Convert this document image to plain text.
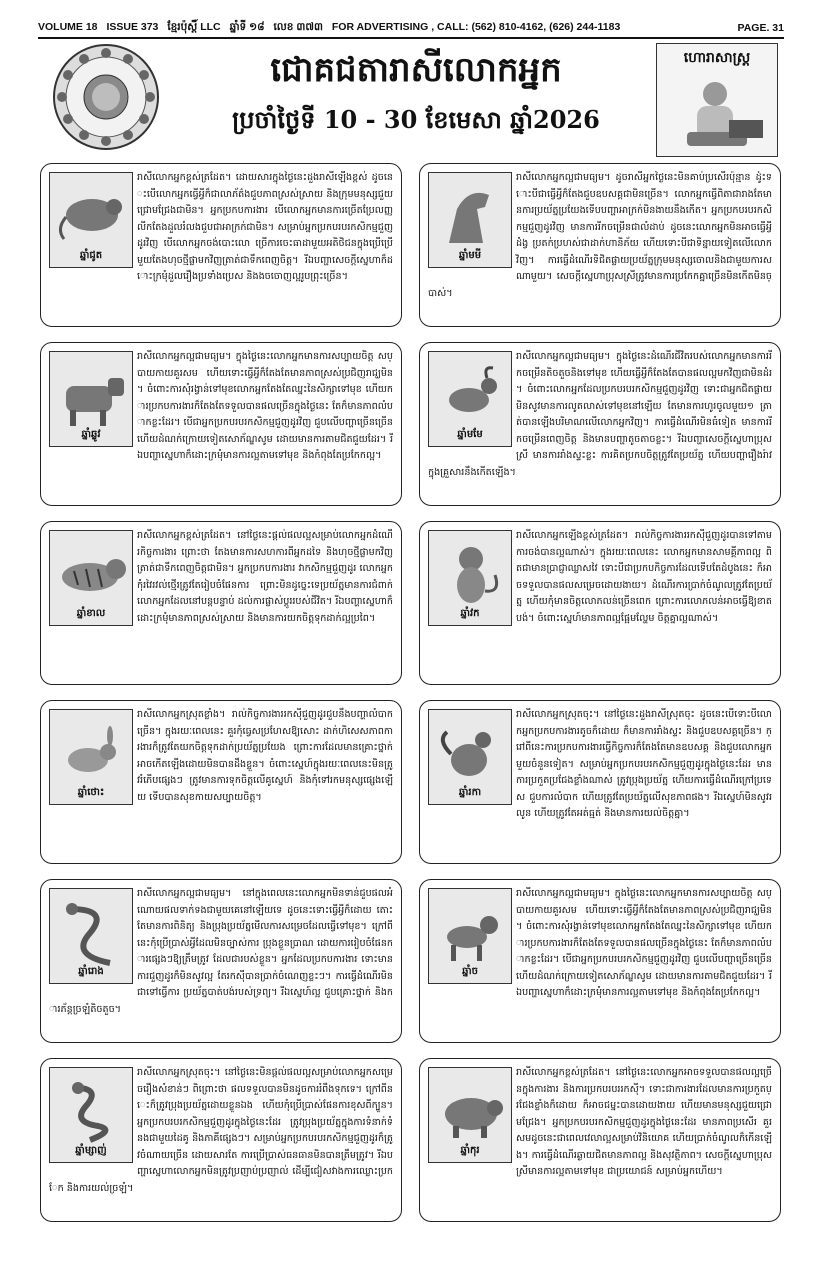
VOLUME 18 ISSUE 373 ខ្មែរប៉ុស្ដិ៍ LLC ឆ្នាំទី ១៨ លេខ ៣៧៣ FOR ADVERTISING , CALL: (562) 810-4162, (626) 244-1183	PAGE. 31
ជោគជតារាសីលោកអ្នក
ប្រចាំថ្ងៃទី 10 - 30 ខែមេសា ឆ្នាំ2026
ហោរាសាស្ត្រ
ឆ្នាំជូត
រាសីលោកអ្នកខ្ពស់ត្រដែត។ ដោយសារក្នុងថ្ងៃនេះដួងរាសីឡើងខ្ពស់ ដូចនេះបើលោកអ្នកធ្វើអ្វីក៏ជាលាភ័ត៌ងជួបភាពស្រស់ស្រាយ និងក្រុមមនុស្សជួយជ្រោមជ្រែងជាមិន។ អ្នកប្រកបការងារ បើលោកអ្នកមានការច្រើតប្រែលញ្ញលីកតែងដួលរំលងជួបជាអាក្រក់ជាមិន។ សម្រាប់អ្នកប្រកបរបរកសិកម្មជួញដូរវិញ បើលោកអ្នកចង់បោះលោ ច្រើការចេះធាដាមួយអតិថិជនក្នុងប្រើប្រើមួយតែងហុចថ្មីផ្លាមកវិញត្រាត់ជាទឹកពេញចិត្ត។ រីឯបញ្ហាសេចក្ដីស្នេហាក៏ដោះក្រមុំដួលរឿងប្រទាំងប្រេស និងងចចោញល្អរូបព្រុះច្រើន។
ឆ្នាំមមី
រាសីលោកអ្នកល្អជាមធ្យម។ ដូចរាសីអ្នកថ្ងៃនេះមិនគាប់ប្រសើរប៉ុន្មាន ដូ៎ះទោះបីជាធ្វើអ្វីក៏តែងជួបឧបសគ្គជាមិនច្រើន។ លោកអ្នកធ្វើពិតាជារាងតែមានការប្រយ័ត្នប្រយែងទើបបញ្ហាអាក្រក់មិនងាយនឹងកើត។ អ្នកប្រកបរបរកសិកម្មជួញដូរវិញ មានការរីកចម្រើនជាលំដាប់ ដូចនេះលោកអ្នកមិនអាចធ្វើអ្វីដំង្វ ប្រតក់ប្រហស់ជាដាក់ហានិភ័យ ហើយទោះបីជាទិន្នាយទៀតលើលោកវិញ។ ការធ្វើដំណើរទិជិតផ្លាយប្រយ័ត្នក្រុមមនុស្សចោលនិងជាមួយការសណាមួយ។ សេចក្ដីស្នេហាប្រុសស្រីត្រូវមានការប្រកែកគ្នាច្រើនមិនកើតមិនច្បាស់។
ឆ្នាំឆ្លូវ
រាសីលោកអ្នកល្អជាមធ្យម។ ក្នុងថ្ងៃនេះលោកអ្នកមានការសប្បាយចិត្ត សប្បាយកាយគួរសម ហើយទោះធ្វើអ្វីក៏តែងតែមានភាពស្រស់ប្រជិញរាជ្ឃមិន។ ចំពោះការសុំរង្វាន់ទៅមុខលោកអ្នកតែងតែឈ្នះនៃសិក្សាទៅមុខ ហើយការប្រកបការងារក៏តែងតែទទួលបានផលច្រើនក្នុងថ្ងៃនេះ តែក៏មានភាពលំបាកខ្លះដែរ។ បើជាអ្នកប្រកបរបរកសិកម្មជួញដូរវិញ ជួបលើបញ្ហាច្រើនច្រើន ហើយដំណក់ក្រោយទៀតសោភ័ណ្ឌសូម ដោយមានការតាមជិតជួយដែរ។ រីឯបញ្ហាស្នេហាក៏ដោះក្រមុំមានការល្អតាមទៅមុខ និងកំពុងតែប្រកែកល្អ។
ឆ្នាំមមែ
រាសីលោកអ្នកល្អជាមធ្យម។ ក្នុងថ្ងៃនេះដំណើរជីវិតរបស់លោកអ្នកមានការរីកចម្រើនតិចតួចនិងទៅមុខ ហើយធ្វើអ្វីក៏តែងតែបានផលល្អមកវិញជាមិនដំរ។ ចំពោះលោកអ្នកដែលប្រកបរបរកសិកម្មជួញដូរវិញ ទោះជាអ្នកជិតផ្លាយមិនសូវមានការលូតលាស់ទៅមុខនៅឡើយ តែមានការហូរចូលមួយ១ ត្រាត់បានឡើងបរិមាណលើលោកអ្នកវិញ។ ការធ្វើដំណើរមិនធំទៀត មានការរីកចម្រើនពេញចិត្ត និងមានបញ្ហាតូចតាចខ្លះ។ រីឯបញ្ហាសេចក្ដីស្នេហាប្រុសស្រី មានការរាំងស្ទះខ្លះ ការគិតប្រកបចិត្តត្រូវតែប្រយ័ត្ន ហើយបញ្ហារឿងរ៉ាវក្នុងគ្រួសារនឹងកើតឡើង។
ឆ្នាំខាល
រាសីលោកអ្នកខ្ពស់ត្រដែត។ នៅថ្ងៃនេះផ្ដល់ផលល្អសម្រាប់លោកអ្នកដំណើរកិច្ចការងារ ព្រោះថា តែងមានការសហការពីអ្នកដទៃ និងហុចថ្មីផ្លាមកវិញ ត្រាត់ជាទឹកពេញចិត្តជាមិន។ អ្នកប្រកបការងារ វាកសិកម្មជួញដូរ លោកអ្នកកុំរវៃរវល់ថ្មើរត្រូវតែរៀបចំផែនការ ព្រោះមិនដូច្នេះទេប្រយ័ត្នមានការជំពាក់លោកអ្នកដែលនៅបន្តបន្ទាប់ ដល់ការផ្លាស់ប្ដូររបស់ជីវិត។ រីឯបញ្ហាស្នេហាក៏ដោះក្រមុំមានភាពស្រស់ស្រាយ និងមានការយកចិត្តទុកដាក់ល្អប្រពៃ។	ឆ្នាំវក
រាសីលោកអ្នកឡើងខ្ពស់ត្រដែត។ រាល់កិច្ចការងាររកស៊ីជួញដូរបានទៅតាមការចង់បានល្អណាស់។ ក្នុងរយៈពេលនេះ លោកអ្នកមានសាមគ្គីភាពល្អ ពិតជាមានប្រាជ្ញាឈ្លាសវៃ ទោះបីជាប្រកបកិច្ចការដែលទើបតែដំបូងនេះ ក៏អាចទទួលបានផលសម្រេចដោយងាយ។ ដំណើរការប្រាក់ចំណូលត្រូវតែប្រយ័ត្ន ហើយកុំមានចិត្តលោភលន់ច្រើនពេក ព្រោះការលោភលន់អាចធ្វើឱ្យខាតបង់។ ចំពោះស្នេហ៍មានភាពល្អផ្អែមល្ហែម ចិត្តគ្នាល្អណាស់។
ឆ្នាំថោះ
រាសីលោកអ្នកស្រុតខ្លាំង។ រាល់កិច្ចការងាររកស៊ីជួញដូរជួបនឹងបញ្ហាលំបាកច្រើន។ ក្នុងរយៈពេលនេះ គួរកុំធ្វេសប្រហែសឱ្យសោះ ដាក់ហិសេសភាពការងារក៏ត្រូវតែយកចិត្តទុកដាក់ប្រយ័ត្នប្រយែង ព្រោះការដែលមានគ្រោះថ្នាក់អាចកើតឡើងដោយមិនបានដឹងខ្លួន។ ចំពោះស្នេហ៍ក្នុងរយៈពេលនេះមិនត្រូវរំភើបផ្សេងៗ ត្រូវមានការទុកចិត្តលើគូស្នេហ៍ និងកុំទៅរកមនុស្សផ្សេងឡើយ ទើបបានសុខកាយសប្បាយចិត្ត។	ឆ្នាំរកា
រាសីលោកអ្នកស្រុតចុះ។ នៅថ្ងៃនេះដួងរាសីស្រុតចុះ ដូចនេះបើទោះបីលោកអ្នកប្រកបការងារតូចក៏ដោយ ក៏មានការរាំងស្ទះ និងជួបឧបសគ្គច្រើន។ ក្រៅពីនេះការប្រកបការងារធ្វើកិច្ចការក៏តែងតែមានឧបសគ្គ និងជួបលោកអ្នកមួយចំនួនទៀត។ សម្រាប់អ្នកប្រកបរបរកសិកម្មជួញដូរក្នុងថ្ងៃនេះដែរ មានការប្រកួតប្រជែងខ្លាំងណាស់ ត្រូវប្រុងប្រយ័ត្ន ហើយការធ្វើដំណើរក្រៅប្រទេស ជួបការលំបាក ហើយត្រូវតែប្រយ័ត្នលើសុខភាពផង។ រីឯស្នេហ៍មិនសូវរលូន ហើយត្រូវតែអត់ធ្មត់ និងមានការយល់ចិត្តគ្នា។
ឆ្នាំរោង
រាសីលោកអ្នកល្អជាមធ្យម។ នៅក្នុងពេលនេះលោកអ្នកមិនទាន់ជួបផលអំណោយផលទាក់ទងជាមួយគេនៅឡើយទេ ដូចនេះទោះធ្វើអ្វីក៏ដោយ តោះតែមានការពិនិត្យ និងប្រុងប្រយ័ត្នមើលការសម្រេចដែលធ្វើទៅមុខ។ ក្រៅពីនេះកុំប្រើប្រាស់អ្វីដែលមិនច្បាស់ការ ប្រុងខ្លួនប្រាណ ដោយការរៀបចំផែនការផ្សេងៗឱ្យត្រឹមត្រូវ ដែលជារបស់ខ្លួន។ អ្នកដែលប្រកបការងារ ទោះមានការជួញដូរក៏មិនសូវល្អ តែរកស៊ីបានប្រាក់ចំណេញខ្លះៗ។ ការធ្វើដំណើរមិនជាទៅធ្វើការ ប្រយ័ត្នបាត់បង់របស់ទ្រព្យ។ រីឯស្នេហ៍ល្អ ជួបគ្រោះថ្នាក់ និងការភ័ន្តច្រឡំតិចតួច។
ឆ្នាំច
រាសីលោកអ្នកល្អជាមធ្យម។ ក្នុងថ្ងៃនេះលោកអ្នកមានការសប្បាយចិត្ត សប្បាយកាយគួរសម ហើយទោះធ្វើអ្វីក៏តែងតែមានភាពស្រស់ប្រជិញរាជ្ឃមិន។ ចំពោះការសុំរង្វាន់ទៅមុខលោកអ្នកតែងតែឈ្នះនៃសិក្សាទៅមុខ ហើយការប្រកបការងារក៏តែងតែទទួលបានផលច្រើនក្នុងថ្ងៃនេះ តែក៏មានភាពលំបាកខ្លះដែរ។ បើជាអ្នកប្រកបរបរកសិកម្មជួញដូរវិញ ជួបលើបញ្ហាច្រើនច្រើន ហើយដំណក់ក្រោយទៀតសោភ័ណ្ឌសូម ដោយមានការតាមជិតជួយដែរ។ រីឯបញ្ហាស្នេហាក៏ដោះក្រមុំមានការល្អតាមទៅមុខ និងកំពុងតែប្រកែកល្អ។
ឆ្នាំម្សាញ់
រាសីលោកអ្នកស្រុតចុះ។ នៅថ្ងៃនេះមិនផ្ដល់ផលល្អសម្រាប់លោកអ្នកសម្រេចរឿងសំខាន់ៗ ពិព្រោះថា ផលទទួលបានមិនដូចការរំពឹងទុកទេ។ ក្រៅពីនេះក៏ត្រូវប្រុងប្រយ័ត្នដោយខ្លួនឯង ហើយកុំប្រើប្រាស់ផែនការខុសពីក្បួន។ អ្នកប្រកបរបរកសិកម្មជួញដូរក្នុងថ្ងៃនេះដែរ ត្រូវប្រុងប្រយ័ត្នក្នុងការទំនាក់ទំនងជាមួយដៃគូ និងភាគីផ្សេងៗ។ សម្រាប់អ្នកប្រកបរបរកសិកម្មជួញដូរក៏ត្រូវចំណាយច្រើន ដោយសារតែ ការប្រើប្រាស់ធនធានមិនបានត្រឹមត្រូវ។ រីឯបញ្ហាស្នេហាលោកអ្នកមិនត្រូវប្រញាប់ប្រញាល់ ដើម្បីជៀសវាងការឈ្លោះប្រកែក និងការយល់ច្រឡំ។
ឆ្នាំកុរ
រាសីលោកអ្នកខ្ពស់ត្រដែត។ នៅថ្ងៃនេះលោកអ្នកអាចទទួលបានផលល្អច្រើនក្នុងការងារ និងការប្រកបរបររកស៊ី។ ទោះជាការងារដែលមានការប្រកួតប្រជែងខ្លាំងក៏ដោយ ក៏អាចជម្នះបានដោយងាយ ហើយមានមនុស្សជួយជ្រោមជ្រែង។ អ្នកប្រកបរបរកសិកម្មជួញដូរក្នុងថ្ងៃនេះដែរ មានភាពប្រសើរ គួរសមដូចនេះជាពេលវេលាល្អសម្រាប់វិនិយោគ ហើយប្រាក់ចំណូលក៏កើនឡើង។ ការធ្វើដំណើរឆ្ងាយជិតមានភាពល្អ និងសុវត្ថិភាព។ សេចក្ដីស្នេហាប្រុសស្រីមានការល្អតាមទៅមុខ ជាប្រយោជន៍ សម្រាប់អ្នកហើយ។
